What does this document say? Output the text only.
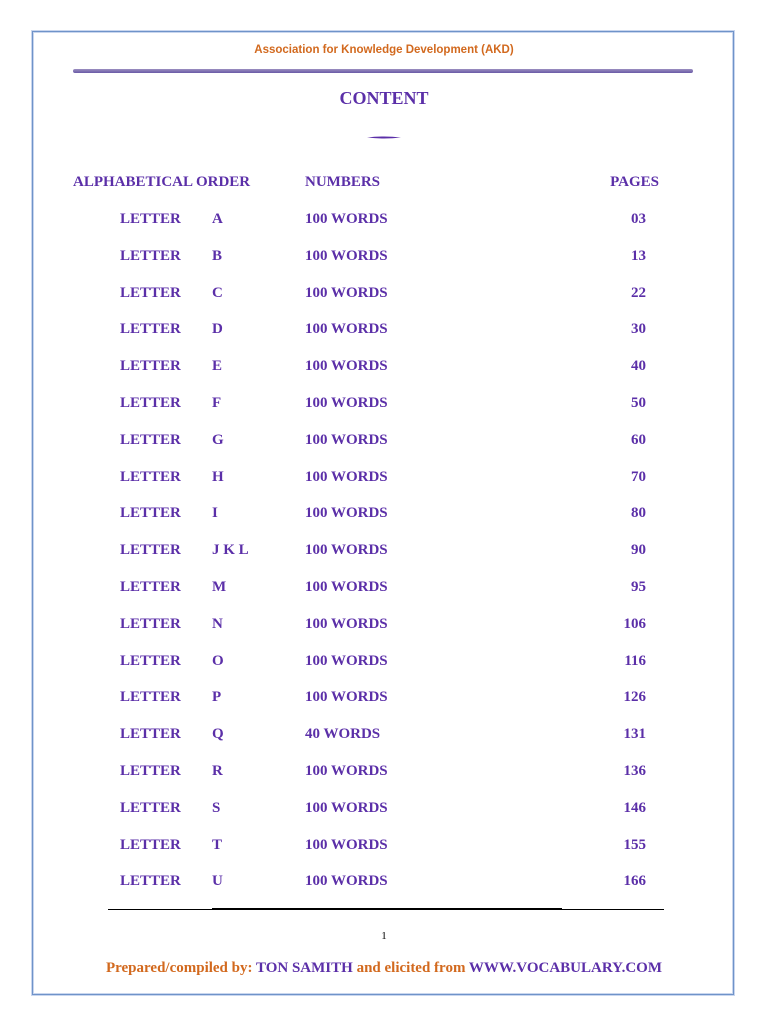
Association for Knowledge Development (AKD)
CONTENT
ALPHABETICAL ORDER	NUMBERS	PAGES
LETTER A	100 WORDS	03
LETTER B	100 WORDS	13
LETTER C	100 WORDS	22
LETTER D	100 WORDS	30
LETTER E	100 WORDS	40
LETTER F	100 WORDS	50
LETTER G	100 WORDS	60
LETTER H	100 WORDS	70
LETTER I	100 WORDS	80
LETTER J K L	100 WORDS	90
LETTER M	100 WORDS	95
LETTER N	100 WORDS	106
LETTER O	100 WORDS	116
LETTER P	100 WORDS	126
LETTER Q	40 WORDS	131
LETTER R	100 WORDS	136
LETTER S	100 WORDS	146
LETTER T	100 WORDS	155
LETTER U	100 WORDS	166
1
Prepared/compiled by: TON SAMITH and elicited from WWW.VOCABULARY.COM
